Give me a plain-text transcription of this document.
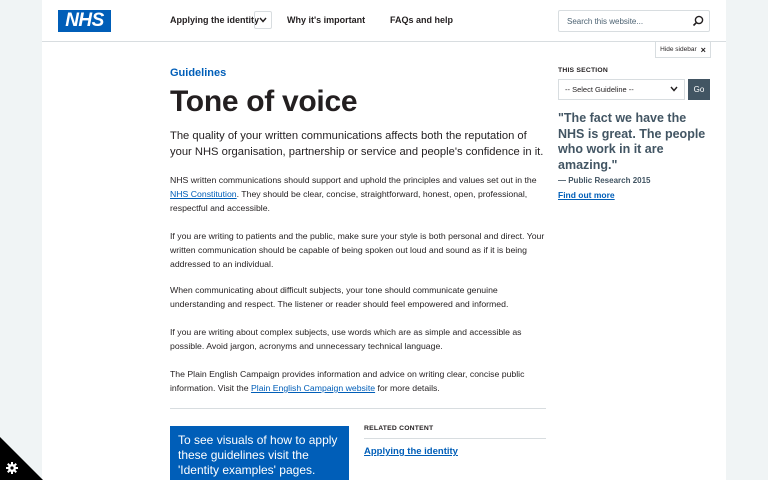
NHS	Applying the identity	Why it's important	FAQs and help
Search this website...
Hide sidebar ×
Guidelines
Tone of voice

The quality of your written communications affects both the reputation of your NHS organisation, partnership or service and people's confidence in it.

NHS written communications should support and uphold the principles and values set out in the NHS Constitution. They should be clear, concise, straightforward, honest, open, professional, respectful and accessible.

If you are writing to patients and the public, make sure your style is both personal and direct. Your written communication should be capable of being spoken out loud and sound as if it is being addressed to an individual.

When communicating about difficult subjects, your tone should communicate genuine understanding and respect. The listener or reader should feel empowered and informed.

If you are writing about complex subjects, use words which are as simple and accessible as possible. Avoid jargon, acronyms and unnecessary technical language.

The Plain English Campaign provides information and advice on writing clear, concise public information. Visit the Plain English Campaign website for more details.

To see visuals of how to apply these guidelines visit the 'Identity examples' pages.
RELATED CONTENT
Applying the identity
THIS SECTION
-- Select Guideline --	Go
"The fact we have the NHS is great. The people who work in it are amazing."
— Public Research 2015
Find out more
